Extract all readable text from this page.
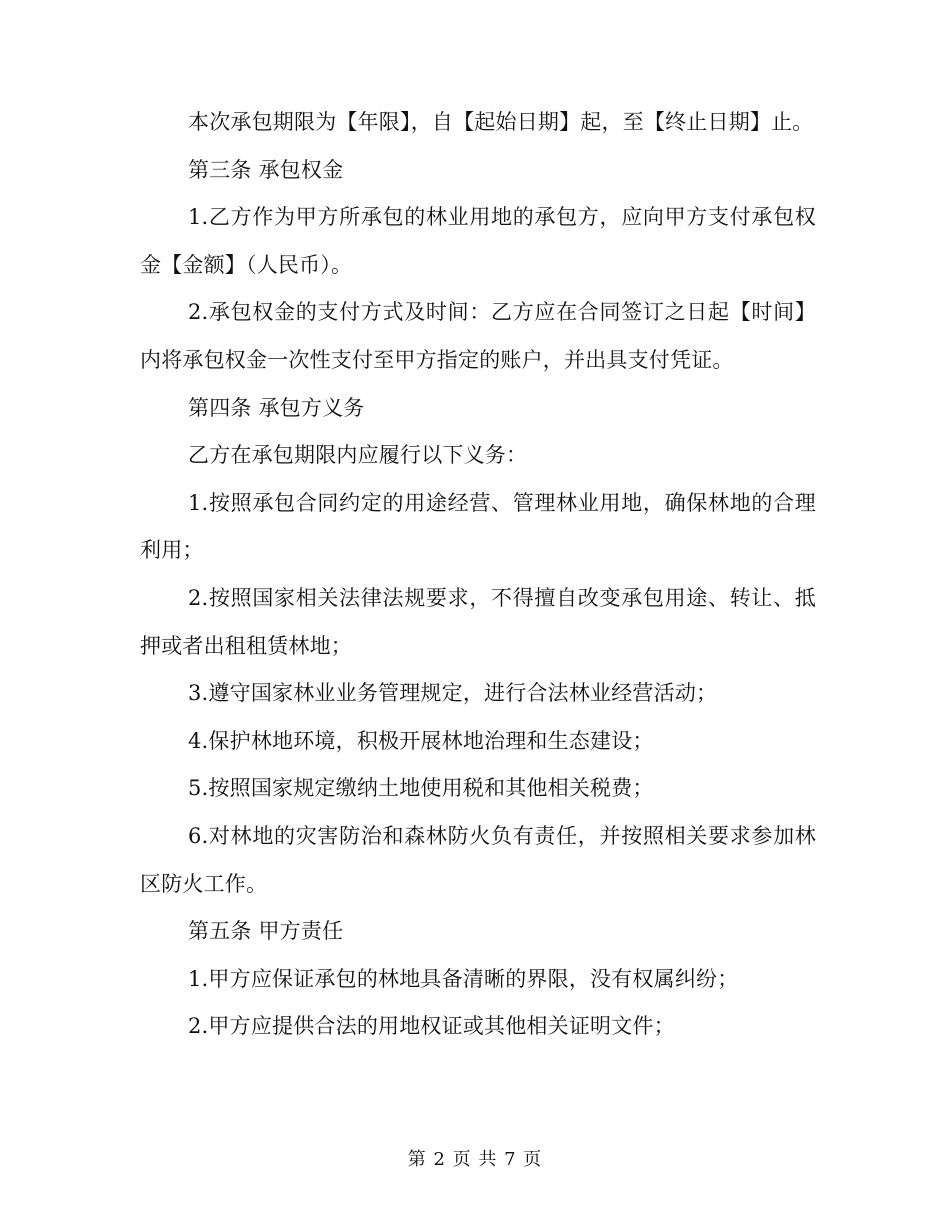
本次承包期限为【年限】，自【起始日期】起，至【终止日期】止。

第三条 承包权金

1.乙方作为甲方所承包的林业用地的承包方，应向甲方支付承包权金【金额】（人民币）。

2.承包权金的支付方式及时间：乙方应在合同签订之日起【时间】内将承包权金一次性支付至甲方指定的账户，并出具支付凭证。

第四条 承包方义务

乙方在承包期限内应履行以下义务：

1.按照承包合同约定的用途经营、管理林业用地，确保林地的合理利用；

2.按照国家相关法律法规要求，不得擅自改变承包用途、转让、抵押或者出租租赁林地；

3.遵守国家林业业务管理规定，进行合法林业经营活动；

4.保护林地环境，积极开展林地治理和生态建设；

5.按照国家规定缴纳土地使用税和其他相关税费；

6.对林地的灾害防治和森林防火负有责任，并按照相关要求参加林区防火工作。

第五条 甲方责任

1.甲方应保证承包的林地具备清晰的界限，没有权属纠纷；

2.甲方应提供合法的用地权证或其他相关证明文件；

第 2 页 共 7 页
